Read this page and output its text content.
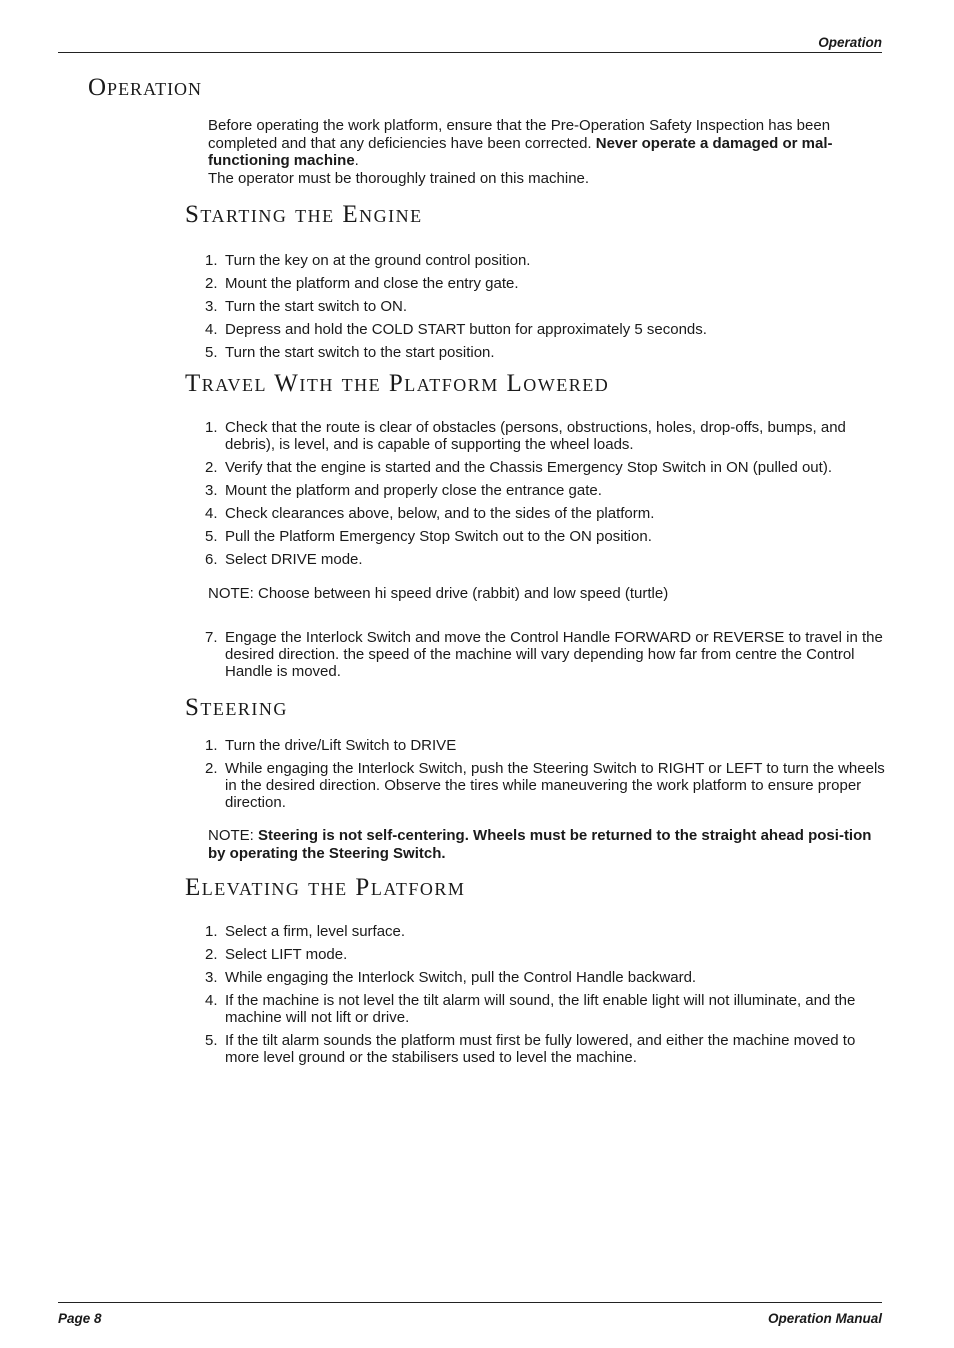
Operation
Operation

Before operating the work platform, ensure that the Pre-Operation Safety Inspection has been completed and that any deficiencies have been corrected. Never operate a damaged or mal-functioning machine.
The operator must be thoroughly trained on this machine.

Starting the Engine
1. Turn the key on at the ground control position.
2. Mount the platform and close the entry gate.
3. Turn the start switch to ON.
4. Depress and hold the COLD START button for approximately 5 seconds.
5. Turn the start switch to the start position.
Travel With the Platform Lowered
1. Check that the route is clear of obstacles (persons, obstructions, holes, drop-offs, bumps, and debris), is level, and is capable of supporting the wheel loads.
2. Verify that the engine is started and the Chassis Emergency Stop Switch in ON (pulled out).
3. Mount the platform and properly close the entrance gate.
4. Check clearances above, below, and to the sides of the platform.
5. Pull the Platform Emergency Stop Switch out to the ON position.
6. Select DRIVE mode.

NOTE: Choose between hi speed drive (rabbit) and low speed (turtle)

7. Engage the Interlock Switch and move the Control Handle FORWARD or REVERSE to travel in the desired direction. the speed of the machine will vary depending how far from centre the Control Handle is moved.
Steering
1. Turn the drive/Lift Switch to DRIVE
2. While engaging the Interlock Switch, push the Steering Switch to RIGHT or LEFT to turn the wheels in the desired direction. Observe the tires while maneuvering the work platform to ensure proper direction.

NOTE: Steering is not self-centering. Wheels must be returned to the straight ahead posi-tion by operating the Steering Switch.

Elevating the Platform
1. Select a firm, level surface.
2. Select LIFT mode.
3. While engaging the Interlock Switch, pull the Control Handle backward.
4. If the machine is not level the tilt alarm will sound, the lift enable light will not illuminate, and the machine will not lift or drive.
5. If the tilt alarm sounds the platform must first be fully lowered, and either the machine moved to more level ground or the stabilisers used to level the machine.
Page 8	Operation Manual
